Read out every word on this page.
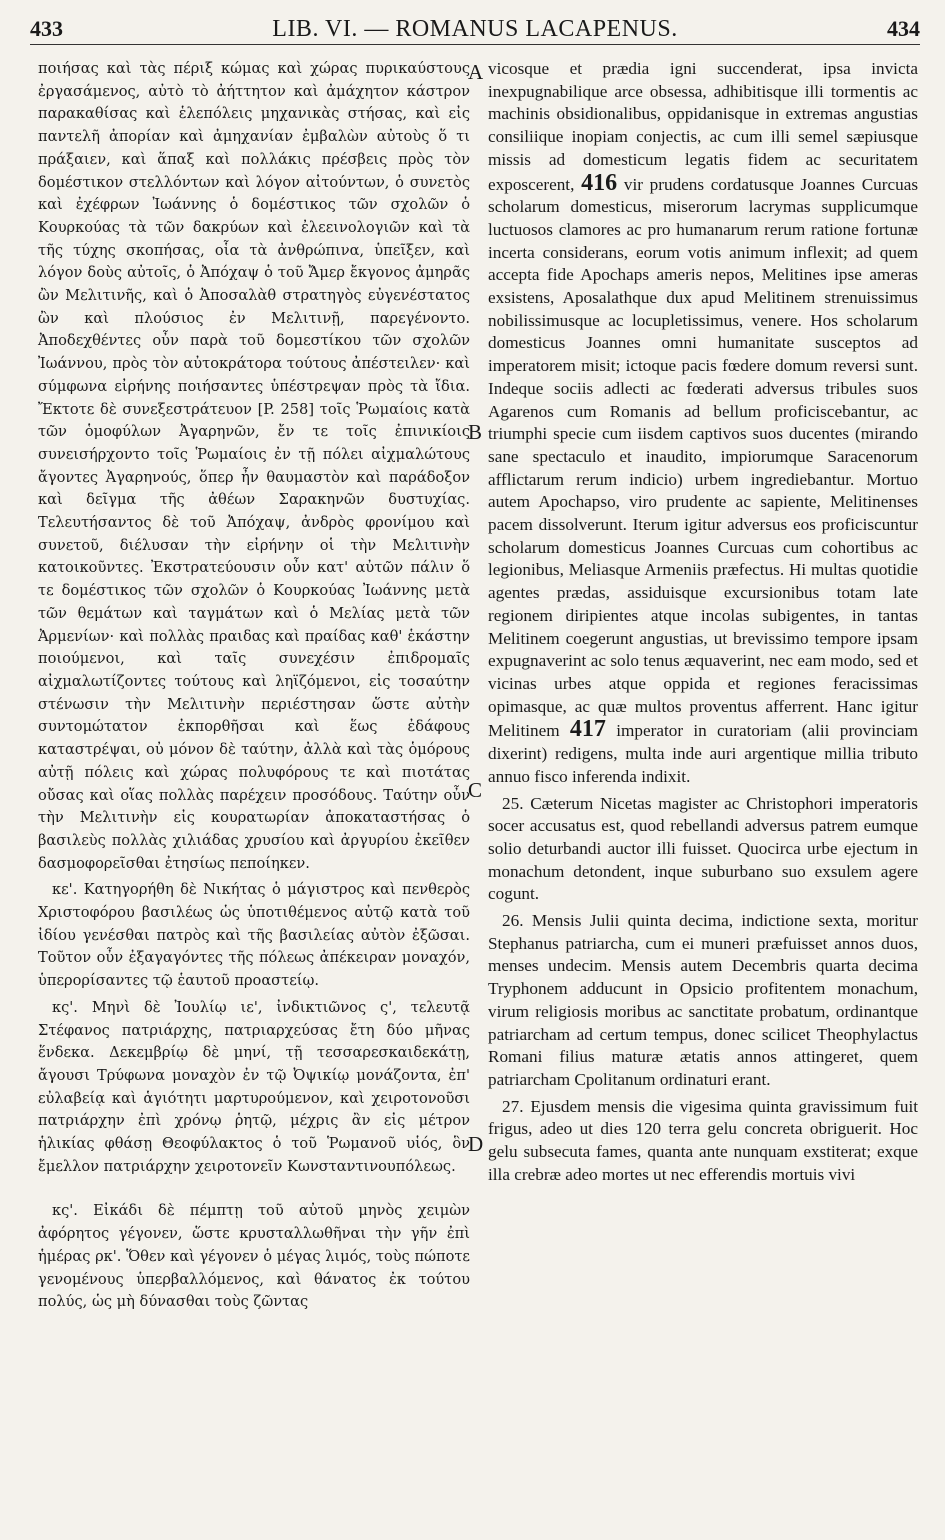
433	LIB. VI. — ROMANUS LACAPENUS.	434

ποιήσας καὶ τὰς πέριξ κώμας καὶ χώρας πυρικαύστους ἐργασάμενος, αὐτὸ τὸ ἀήττητον καὶ ἀμάχητον κάστρον παρακαθίσας καὶ ἑλεπόλεις μηχανικὰς στήσας, καὶ εἰς παντελῆ ἀπορίαν καὶ ἀμηχανίαν ἐμβαλὼν αὐτοὺς ὅ τι πράξαιεν, καὶ ἅπαξ καὶ πολλάκις πρέσβεις πρὸς τὸν δομέστικον στελλόντων καὶ λόγον αἰτούντων, ὁ συνετὸς καὶ ἐχέφρων Ἰωάννης ὁ δομέστικος τῶν σχολῶν ὁ Κουρκούας τὰ τῶν δακρύων καὶ ἐλεεινολογιῶν καὶ τὰ τῆς τύχης σκοπήσας, οἷα τὰ ἀνθρώπινα, ὑπεῖξεν, καὶ λόγον δοὺς αὐτοῖς, ὁ Ἀπόχαψ ὁ τοῦ Ἄμερ ἔκγονος ἀμηρᾶς ὢν Μελιτινῆς, καὶ ὁ Ἀποσαλὰθ στρατηγὸς εὐγενέστατος ὢν καὶ πλούσιος ἐν Μελιτινῇ, παρεγένοντο. Ἀποδεχθέντες οὖν παρὰ τοῦ δομεστίκου τῶν σχολῶν Ἰωάννου, πρὸς τὸν αὐτοκράτορα τούτους ἀπέστειλεν· καὶ σύμφωνα εἰρήνης ποιήσαντες ὑπέστρεψαν πρὸς τὰ ἴδια. Ἔκτοτε δὲ συνεξεστράτευον [P. 258] τοῖς Ῥωμαίοις κατὰ τῶν ὁμοφύλων Ἀγαρηνῶν, ἔν τε τοῖς ἐπινικίοις συνεισήρχοντο τοῖς Ῥωμαίοις ἐν τῇ πόλει αἰχμαλώτους ἄγοντες Ἀγαρηνούς, ὅπερ ἦν θαυμαστὸν καὶ παράδοξον καὶ δεῖγμα τῆς ἀθέων Σαρακηνῶν δυστυχίας. Τελευτήσαντος δὲ τοῦ Ἀπόχαψ, ἀνδρὸς φρονίμου καὶ συνετοῦ, διέλυσαν τὴν εἰρήνην οἱ τὴν Μελιτινὴν κατοικοῦντες. Ἐκστρατεύουσιν οὖν κατ' αὐτῶν πάλιν ὅ τε δομέστικος τῶν σχολῶν ὁ Κουρκούας Ἰωάννης μετὰ τῶν θεμάτων καὶ ταγμάτων καὶ ὁ Μελίας μετὰ τῶν Ἀρμενίων· καὶ πολλὰς πραιδας καὶ πραίδας καθ' ἑκάστην ποιούμενοι, καὶ ταῖς συνεχέσιν ἐπιδρομαῖς αἰχμαλωτίζοντες τούτους καὶ ληϊζόμενοι, εἰς τοσαύτην στένωσιν τὴν Μελιτινὴν περιέστησαν ὥστε αὐτὴν συντομώτατον ἐκπορθῆσαι καὶ ἕως ἐδάφους καταστρέψαι, οὐ μόνον δὲ ταύτην, ἀλλὰ καὶ τὰς ὁμόρους αὐτῇ πόλεις καὶ χώρας πολυφόρους τε καὶ πιοτάτας οὔσας καὶ οἵας πολλὰς παρέχειν προσόδους. Ταύτην οὖν τὴν Μελιτινὴν εἰς κουρατωρίαν ἀποκαταστήσας ὁ βασιλεὺς πολλὰς χιλιάδας χρυσίου καὶ ἀργυρίου ἐκεῖθεν δασμοφορεῖσθαι ἐτησίως πεποίηκεν.

κε'. Κατηγορήθη δὲ Νικήτας ὁ μάγιστρος καὶ πενθερὸς Χριστοφόρου βασιλέως ὡς ὑποτιθέμενος αὐτῷ κατὰ τοῦ ἰδίου γενέσθαι πατρὸς καὶ τῆς βασιλείας αὐτὸν ἐξῶσαι. Τοῦτον οὖν ἐξαγαγόντες τῆς πόλεως ἀπέκειραν μοναχόν, ὑπερορίσαντες τῷ ἑαυτοῦ προαστείῳ.

κς'. Μηνὶ δὲ Ἰουλίῳ ιε', ἰνδικτιῶνος ς', τελευτᾷ Στέφανος πατριάρχης, πατριαρχεύσας ἔτη δύο μῆνας ἕνδεκα. Δεκεμβρίῳ δὲ μηνί, τῇ τεσσαρεσκαιδεκάτῃ, ἄγουσι Τρύφωνα μοναχὸν ἐν τῷ Ὀψικίῳ μονάζοντα, ἐπ' εὐλαβείᾳ καὶ ἁγιότητι μαρτυρούμενον, καὶ χειροτονοῦσι πατριάρχην ἐπὶ χρόνῳ ῥητῷ, μέχρις ἂν εἰς μέτρον ἡλικίας φθάσῃ Θεοφύλακτος ὁ τοῦ Ῥωμανοῦ υἱός, ὃν ἔμελλον πατριάρχην χειροτονεῖν Κωνσταντινουπόλεως.

κς'. Εἰκάδι δὲ πέμπτῃ τοῦ αὐτοῦ μηνὸς χειμὼν ἀφόρητος γέγονεν, ὥστε κρυσταλλωθῆναι τὴν γῆν ἐπὶ ἡμέρας ρκ'. Ὅθεν καὶ γέγονεν ὁ μέγας λιμός, τοὺς πώποτε γενομένους ὑπερβαλλόμενος, καὶ θάνατος ἐκ τούτου πολύς, ὡς μὴ δύνασθαι τοὺς ζῶντας

A
B
C
D

vicosque et prædia igni succenderat, ipsa invicta inexpugnabilique arce obsessa, adhibitisque illi tormentis ac machinis obsidionalibus, oppidanisque in extremas angustias consiliique inopiam conjectis, ac cum illi semel sæpiusque missis ad domesticum legatis fidem ac securitatem exposcerent, 416 vir prudens cordatusque Joannes Curcuas scholarum domesticus, miserorum lacrymas supplicumque luctuosos clamores ac pro humanarum rerum ratione fortunæ incerta considerans, eorum votis animum inflexit; ad quem accepta fide Apochaps ameris nepos, Melitines ipse ameras exsistens, Aposalathque dux apud Melitinem strenuissimus nobilissimusque ac locupletissimus, venere. Hos scholarum domesticus Joannes omni humanitate susceptos ad imperatorem misit; ictoque pacis fœdere domum reversi sunt. Indeque sociis adlecti ac fœderati adversus tribules suos Agarenos cum Romanis ad bellum proficiscebantur, ac triumphi specie cum iisdem captivos suos ducentes (mirando sane spectaculo et inaudito, impiorumque Saracenorum afflictarum rerum indicio) urbem ingrediebantur. Mortuo autem Apochapso, viro prudente ac sapiente, Melitinenses pacem dissolverunt. Iterum igitur adversus eos proficiscuntur scholarum domesticus Joannes Curcuas cum cohortibus ac legionibus, Meliasque Armeniis præfectus. Hi multas quotidie agentes prædas, assiduisque excursionibus totam late regionem diripientes atque incolas subigentes, in tantas Melitinem coegerunt angustias, ut brevissimo tempore ipsam expugnaverint ac solo tenus æquaverint, nec eam modo, sed et vicinas urbes atque oppida et regiones feracissimas opimasque, ac quæ multos proventus afferrent. Hanc igitur Melitinem 417 imperator in curatoriam (alii provinciam dixerint) redigens, multa inde auri argentique millia tributo annuo fisco inferenda indixit.

25. Cæterum Nicetas magister ac Christophori imperatoris socer accusatus est, quod rebellandi adversus patrem eumque solio deturbandi auctor illi fuisset. Quocirca urbe ejectum in monachum detondent, inque suburbano suo exsulem agere cogunt.

26. Mensis Julii quinta decima, indictione sexta, moritur Stephanus patriarcha, cum ei muneri præfuisset annos duos, menses undecim. Mensis autem Decembris quarta decima Tryphonem adducunt in Opsicio profitentem monachum, virum religiosis moribus ac sanctitate probatum, ordinantque patriarcham ad certum tempus, donec scilicet Theophylactus Romani filius maturæ ætatis annos attingeret, quem patriarcham Cpolitanum ordinaturi erant.

27. Ejusdem mensis die vigesima quinta gravissimum fuit frigus, adeo ut dies 120 terra gelu concreta obriguerit. Hoc gelu subsecuta fames, quanta ante nunquam exstiterat; exque illa crebræ adeo mortes ut nec efferendis mortuis vivi
